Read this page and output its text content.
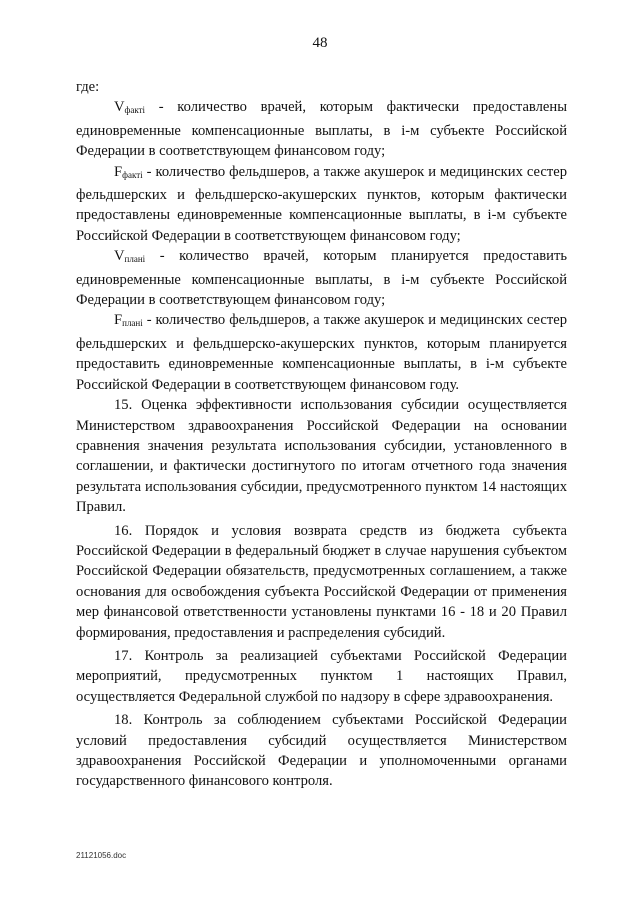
48

где:

$V_{факті}$ - количество врачей, которым фактически предоставлены единовременные компенсационные выплаты, в i-м субъекте Российской Федерации в соответствующем финансовом году;

$F_{факті}$ - количество фельдшеров, а также акушерок и медицинских сестер фельдшерских и фельдшерско-акушерских пунктов, которым фактически предоставлены единовременные компенсационные выплаты, в i-м субъекте Российской Федерации в соответствующем финансовом году;

$V_{планi}$ - количество врачей, которым планируется предоставить единовременные компенсационные выплаты, в i-м субъекте Российской Федерации в соответствующем финансовом году;

$F_{планi}$ - количество фельдшеров, а также акушерок и медицинских сестер фельдшерских и фельдшерско-акушерских пунктов, которым планируется предоставить единовременные компенсационные выплаты, в i-м субъекте Российской Федерации в соответствующем финансовом году.

15. Оценка эффективности использования субсидии осуществляется Министерством здравоохранения Российской Федерации на основании сравнения значения результата использования субсидии, установленного в соглашении, и фактически достигнутого по итогам отчетного года значения результата использования субсидии, предусмотренного пунктом 14 настоящих Правил.

16. Порядок и условия возврата средств из бюджета субъекта Российской Федерации в федеральный бюджет в случае нарушения субъектом Российской Федерации обязательств, предусмотренных соглашением, а также основания для освобождения субъекта Российской Федерации от применения мер финансовой ответственности установлены пунктами 16 - 18 и 20 Правил формирования, предоставления и распределения субсидий.

17. Контроль за реализацией субъектами Российской Федерации мероприятий, предусмотренных пунктом 1 настоящих Правил, осуществляется Федеральной службой по надзору в сфере здравоохранения.

18. Контроль за соблюдением субъектами Российской Федерации условий предоставления субсидий осуществляется Министерством здравоохранения Российской Федерации и уполномоченными органами государственного финансового контроля.

21121056.doc
